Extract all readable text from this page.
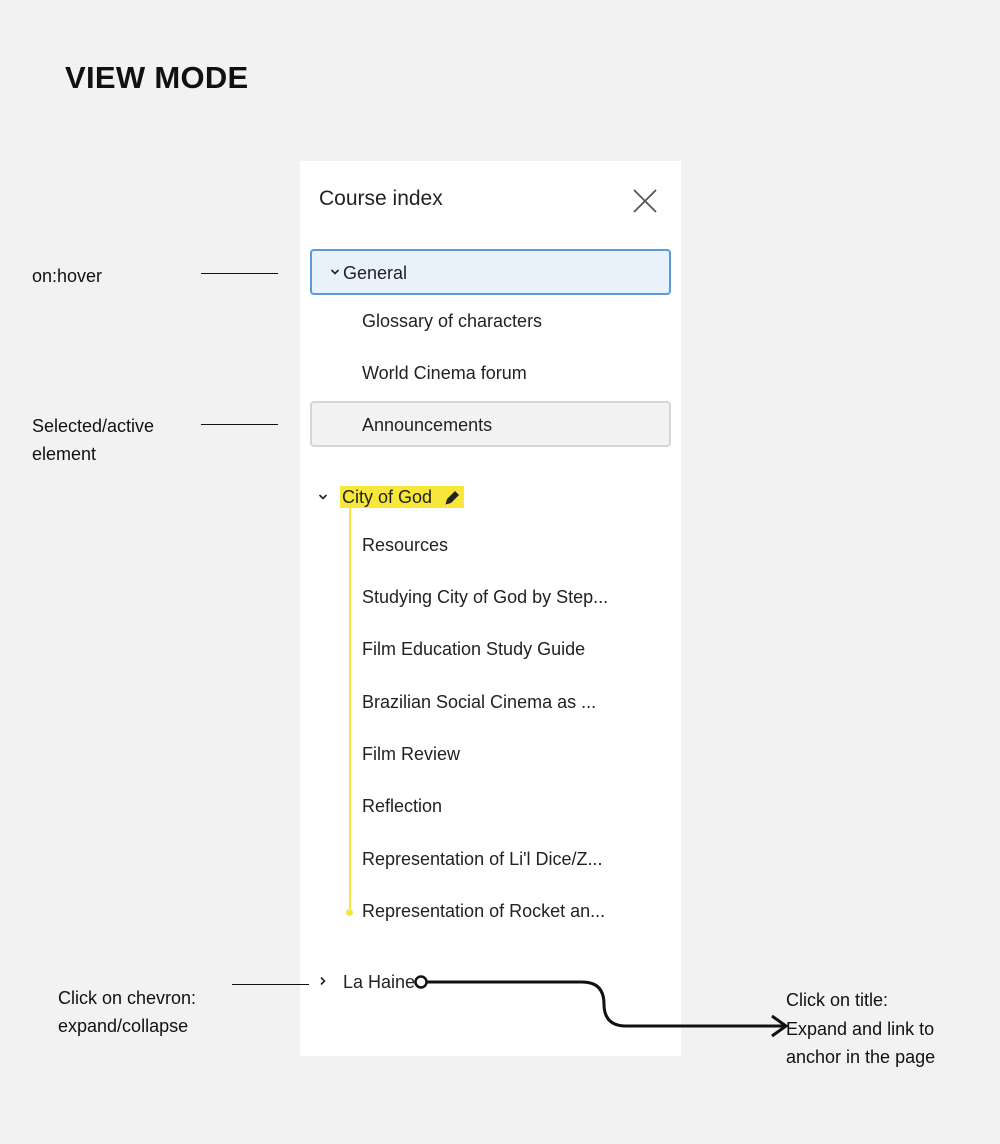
VIEW MODE
Course index
General
Glossary of characters
World Cinema forum
Announcements
City of God
Resources
Studying City of God by Step...
Film Education Study Guide
Brazilian Social Cinema as ...
Film Review
Reflection
Representation of Li'l Dice/Z...
Representation of Rocket an...
La Haine
on:hover
Selected/active
element
Click on chevron:
expand/collapse
Click on title:
Expand and link to
anchor in the page
